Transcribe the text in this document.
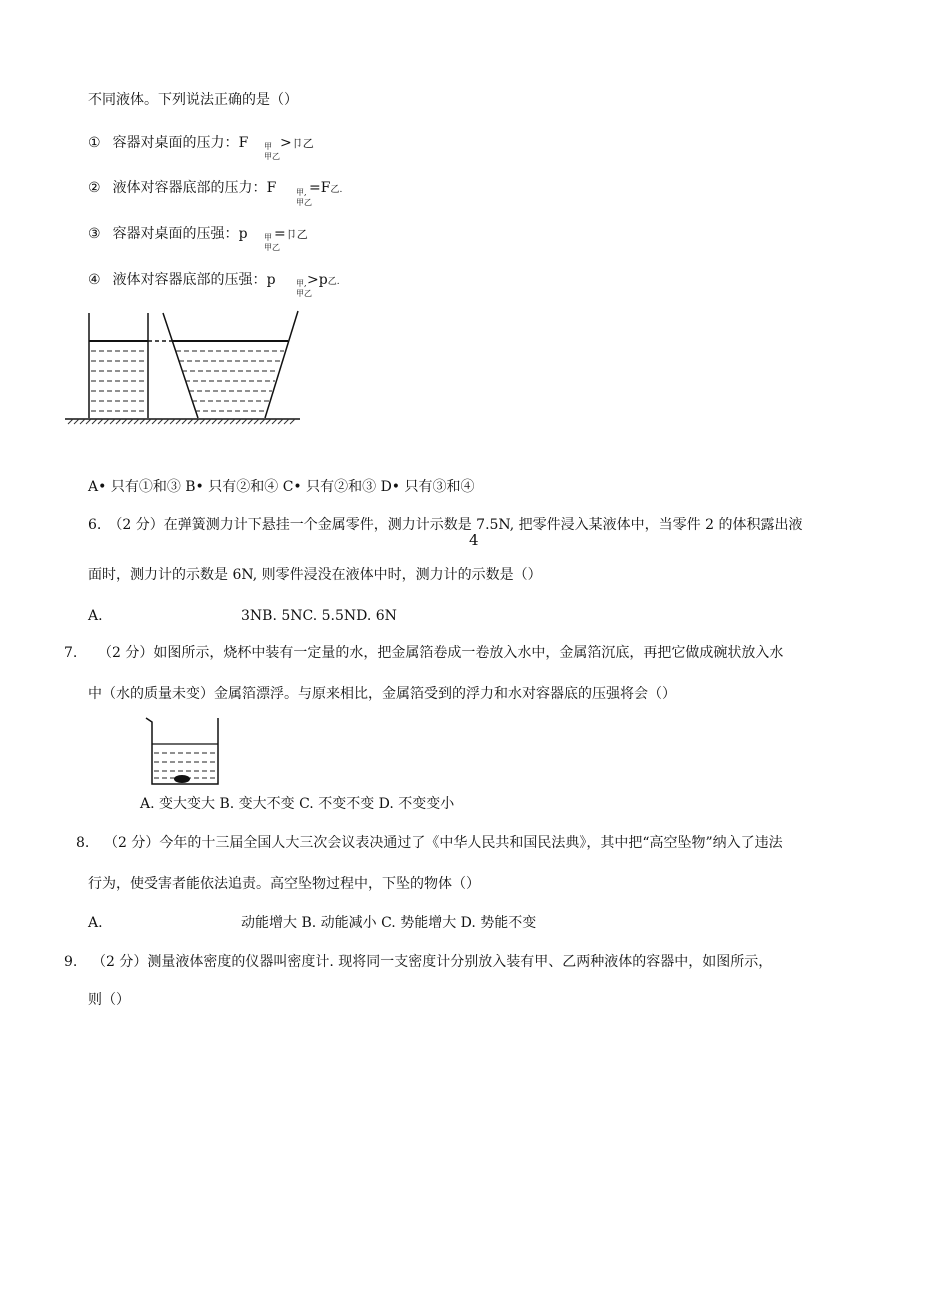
不同液体。下列说法正确的是（）
① 容器对桌面的压力：F 甲 >卩乙
甲乙
② 液体对容器底部的压力：F 甲, =F乙.
甲乙
③ 容器对桌面的压强：p 甲 =卩乙
甲乙
④ 液体对容器底部的压强：p	甲, >p乙.
甲乙
A• 只有①和③ B• 只有②和④ C• 只有②和③ D• 只有③和④
6.　（2 分）在弹簧测力计下悬挂一个金属零件，测力计示数是 7.5N, 把零件浸入某液体中，当零件 2 的体积露出液
4
面时，测力计的示数是 6N, 则零件浸没在液体中时，测力计的示数是（）
A.	3NB. 5NC. 5.5ND. 6N
7. （2 分）如图所示，烧杯中装有一定量的水，把金属箔卷成一卷放入水中，金属箔沉底，再把它做成碗状放入水
中（水的质量未变）金属箔漂浮。与原来相比，金属箔受到的浮力和水对容器底的压强将会（）
A. 变大变大 B. 变大不变 C. 不变不变 D. 不变变小
8. （2 分）今年的十三届全国人大三次会议表决通过了《中华人民共和国民法典》，其中把“高空坠物”纳入了违法
行为，使受害者能依法追责。高空坠物过程中，下坠的物体（）
A.	动能增大 B. 动能减小 C. 势能增大 D. 势能不变
9. （2 分）测量液体密度的仪器叫密度计. 现将同一支密度计分别放入装有甲、乙两种液体的容器中，如图所示，
则（）
